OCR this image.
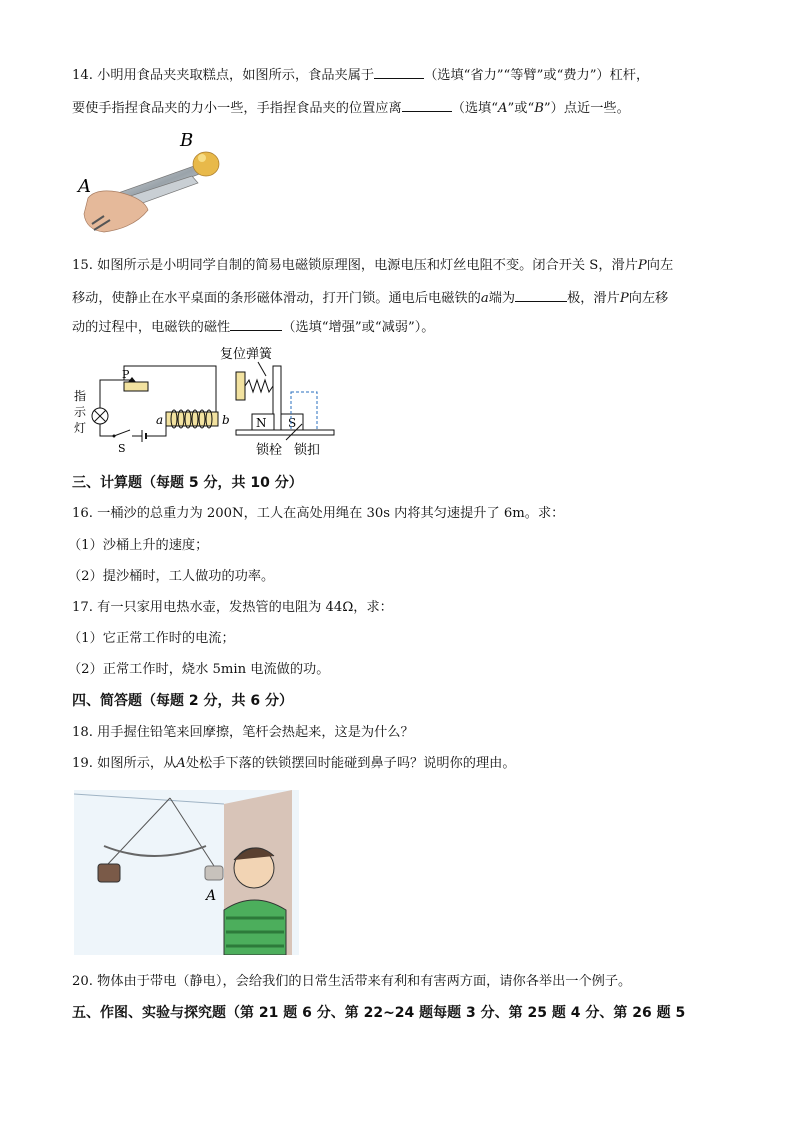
14. 小明用食品夹夹取糕点，如图所示，食品夹属于	（选填“省力”“等臂”或“费力”）杠杆，
要使手指捏食品夹的力小一些，手指捏食品夹的位置应离	（选填“A”或“B”）点近一些。
A
B
15. 如图所示是小明同学自制的简易电磁锁原理图，电源电压和灯丝电阻不变。闭合开关 S，滑片P向左
移动，使静止在水平桌面的条形磁体滑动，打开门锁。通电后电磁铁的a端为	极，滑片P向左移
动的过程中，电磁铁的磁性	（选填“增强”或“减弱”）。
P
S
指
示
灯
a	b
复位弹簧
N S
锁栓 锁扣
三、计算题（每题 5 分，共 10 分）
16. 一桶沙的总重力为 200N，工人在高处用绳在 30s 内将其匀速提升了 6m。求：
（1）沙桶上升的速度；
（2）提沙桶时，工人做功的功率。
17. 有一只家用电热水壶，发热管的电阻为 44Ω，求：
（1）它正常工作时的电流；
（2）正常工作时，烧水 5min 电流做的功。
四、简答题（每题 2 分，共 6 分）
18. 用手握住铅笔来回摩擦，笔杆会热起来，这是为什么？
19. 如图所示，从A处松手下落的铁锁摆回时能碰到鼻子吗？说明你的理由。
A
20. 物体由于带电（静电），会给我们的日常生活带来有利和有害两方面，请你各举出一个例子。
五、作图、实验与探究题（第 21 题 6 分、第 22~24 题每题 3 分、第 25 题 4 分、第 26 题 5
